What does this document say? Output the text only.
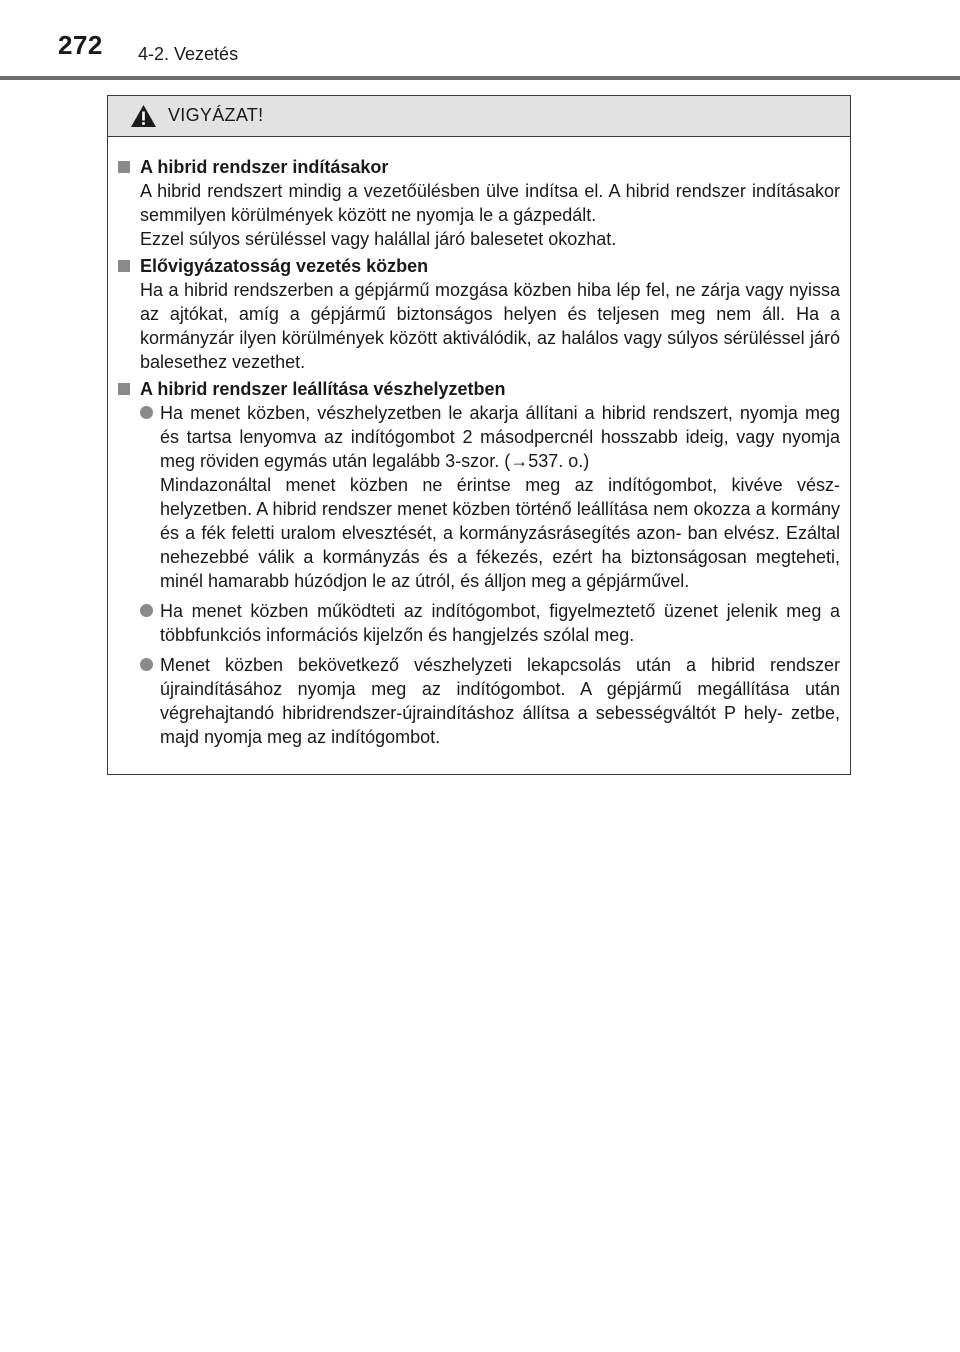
272 4-2. Vezetés
VIGYÁZAT!
A hibrid rendszer indításakor
A hibrid rendszert mindig a vezetőülésben ülve indítsa el. A hibrid rendszer indításakor semmilyen körülmények között ne nyomja le a gázpedált.
Ezzel súlyos sérüléssel vagy halállal járó balesetet okozhat.
Elővigyázatosság vezetés közben
Ha a hibrid rendszerben a gépjármű mozgása közben hiba lép fel, ne zárja vagy nyissa az ajtókat, amíg a gépjármű biztonságos helyen és teljesen meg nem áll. Ha a kormányzár ilyen körülmények között aktiválódik, az halálos vagy súlyos sérüléssel járó balesethez vezethet.
A hibrid rendszer leállítása vészhelyzetben
Ha menet közben, vészhelyzetben le akarja állítani a hibrid rendszert, nyomja meg és tartsa lenyomva az indítógombot 2 másodpercnél hosszabb ideig, vagy nyomja meg röviden egymás után legalább 3-szor. (→537. o.)
Mindazonáltal menet közben ne érintse meg az indítógombot, kivéve vész- helyzetben. A hibrid rendszer menet közben történő leállítása nem okozza a kormány és a fék feletti uralom elvesztését, a kormányzásrásegítés azon- ban elvész. Ezáltal nehezebbé válik a kormányzás és a fékezés, ezért ha biztonságosan megteheti, minél hamarabb húzódjon le az útról, és álljon meg a gépjárművel.
Ha menet közben működteti az indítógombot, figyelmeztető üzenet jelenik meg a többfunkciós információs kijelzőn és hangjelzés szólal meg.
Menet közben bekövetkező vészhelyzeti lekapcsolás után a hibrid rendszer újraindításához nyomja meg az indítógombot. A gépjármű megállítása után végrehajtandó hibridrendszer-újraindításhoz állítsa a sebességváltót P hely- zetbe, majd nyomja meg az indítógombot.
